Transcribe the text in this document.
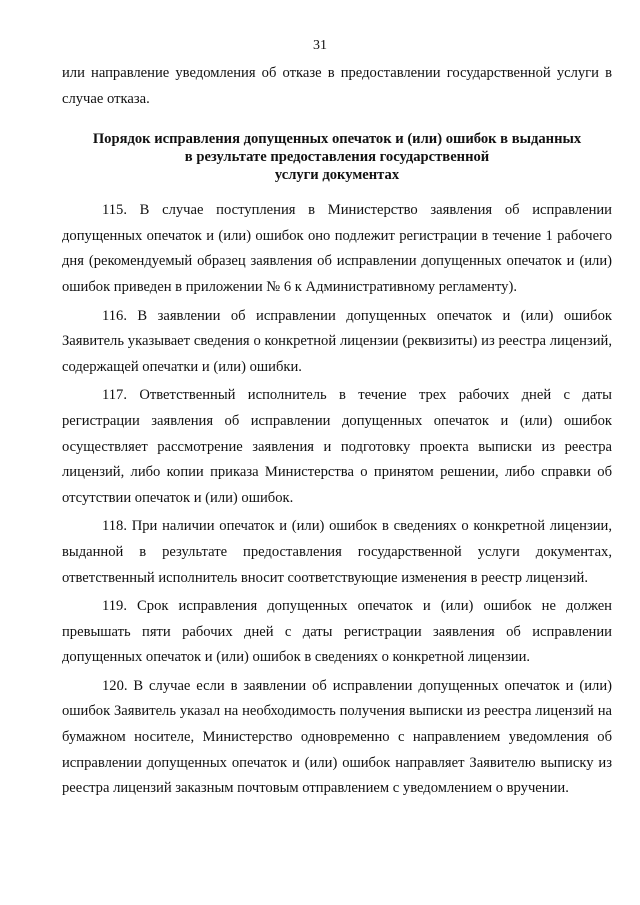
31

или направление уведомления об отказе в предоставлении государственной услуги в случае отказа.

Порядок исправления допущенных опечаток и (или) ошибок в выданных
в результате предоставления государственной
услуги документах

115. В случае поступления в Министерство заявления об исправлении допущенных опечаток и (или) ошибок оно подлежит регистрации в течение 1 рабочего дня (рекомендуемый образец заявления об исправлении допущенных опечаток и (или) ошибок приведен в приложении № 6 к Административному регламенту).

116. В заявлении об исправлении допущенных опечаток и (или) ошибок Заявитель указывает сведения о конкретной лицензии (реквизиты) из реестра лицензий, содержащей опечатки и (или) ошибки.

117. Ответственный исполнитель в течение трех рабочих дней с даты регистрации заявления об исправлении допущенных опечаток и (или) ошибок осуществляет рассмотрение заявления и подготовку проекта выписки из реестра лицензий, либо копии приказа Министерства о принятом решении, либо справки об отсутствии опечаток и (или) ошибок.

118. При наличии опечаток и (или) ошибок в сведениях о конкретной лицензии, выданной в результате предоставления государственной услуги документах, ответственный исполнитель вносит соответствующие изменения в реестр лицензий.

119. Срок исправления допущенных опечаток и (или) ошибок не должен превышать пяти рабочих дней с даты регистрации заявления об исправлении допущенных опечаток и (или) ошибок в сведениях о конкретной лицензии.

120. В случае если в заявлении об исправлении допущенных опечаток и (или) ошибок Заявитель указал на необходимость получения выписки из реестра лицензий на бумажном носителе, Министерство одновременно с направлением уведомления об исправлении допущенных опечаток и (или) ошибок направляет Заявителю выписку из реестра лицензий заказным почтовым отправлением с уведомлением о вручении.
